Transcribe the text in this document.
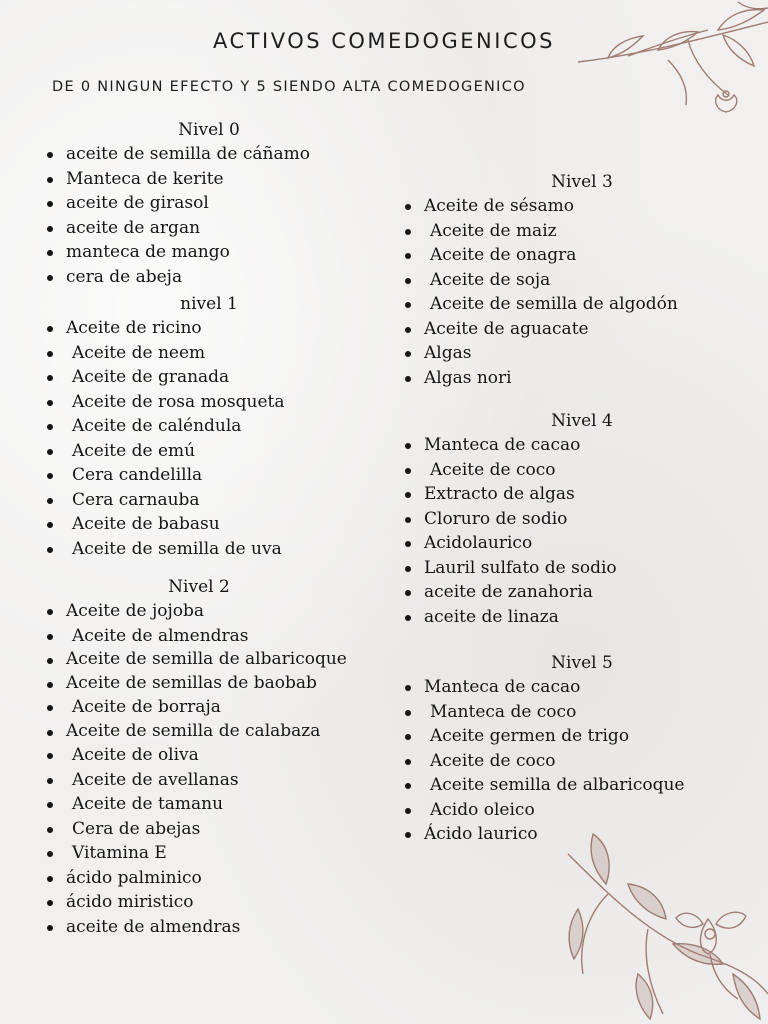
ACTIVOS COMEDOGENICOS

DE 0 NINGUN EFECTO Y 5 SIENDO ALTA COMEDOGENICO

Nivel 0
aceite de semilla de cáñamo
Manteca de kerite
aceite de girasol
aceite de argan
manteca de mango
cera de abeja
nivel 1
Aceite de ricino
Aceite de neem
Aceite de granada
Aceite de rosa mosqueta
Aceite de caléndula
Aceite de emú
Cera candelilla
Cera carnauba
Aceite de babasu
Aceite de semilla de uva
Nivel 2
Aceite de jojoba
Aceite de almendras
Aceite de semilla de albaricoque
Aceite de semillas de baobab
Aceite de borraja
Aceite de semilla de calabaza
Aceite de oliva
Aceite de avellanas
Aceite de tamanu
Cera de abejas
Vitamina E
ácido palminico
ácido miristico
aceite de almendras
Nivel 3
Aceite de sésamo
Aceite de maiz
Aceite de onagra
Aceite de soja
Aceite de semilla de algodón
Aceite de aguacate
Algas
Algas nori
Nivel 4
Manteca de cacao
Aceite de coco
Extracto de algas
Cloruro de sodio
Acidolaurico
Lauril sulfato de sodio
aceite de zanahoria
aceite de linaza
Nivel 5
Manteca de cacao
Manteca de coco
Aceite germen de trigo
Aceite de coco
Aceite semilla de albaricoque
Acido oleico
Ácido laurico
